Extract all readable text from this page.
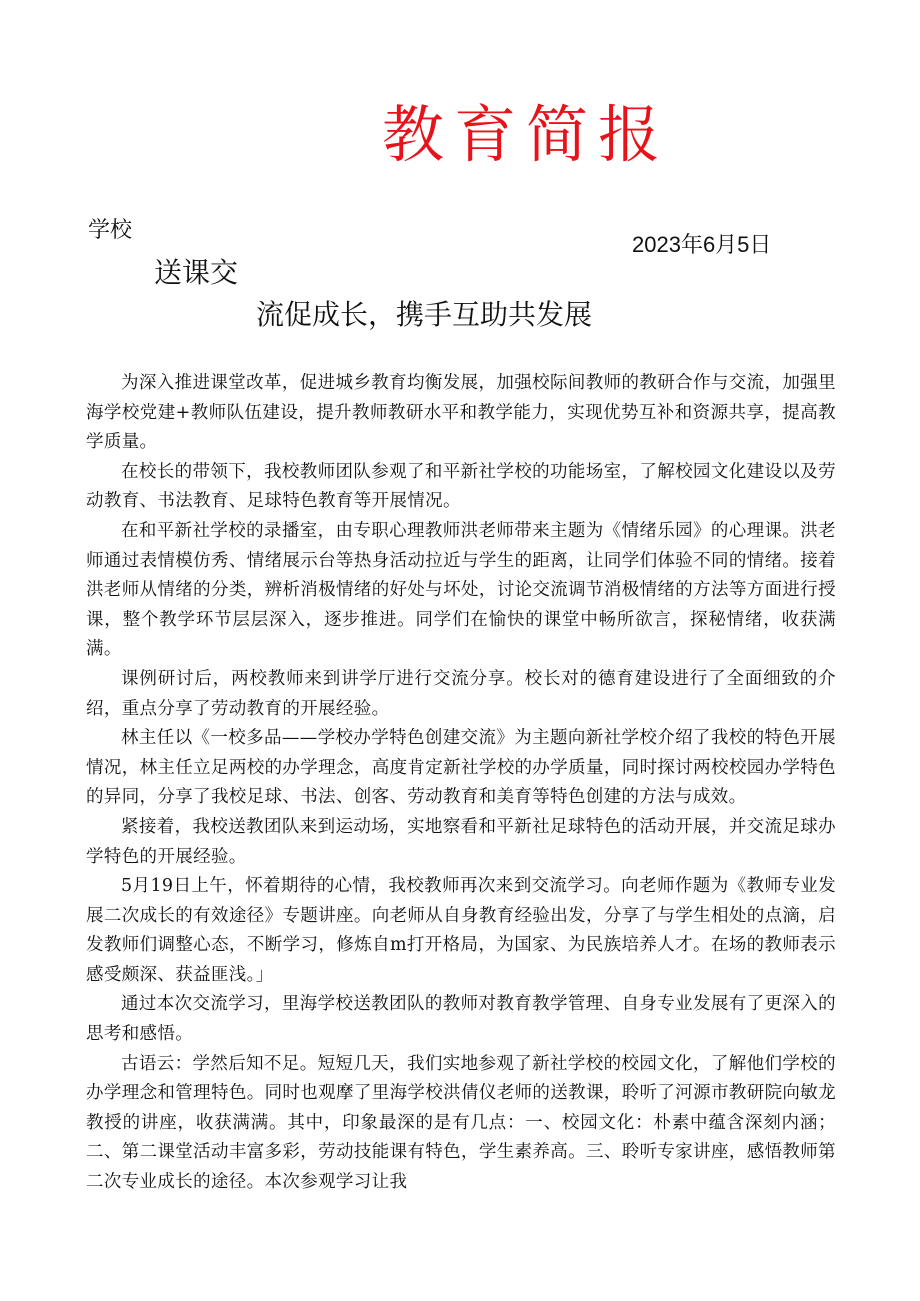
教育简报
学校
2023年6月5日
送课交
流促成长，携手互助共发展

为深入推进课堂改革，促进城乡教育均衡发展，加强校际间教师的教研合作与交流，加强里海学校党建+教师队伍建设，提升教师教研水平和教学能力，实现优势互补和资源共享，提高教学质量。

在校长的带领下，我校教师团队参观了和平新社学校的功能场室，了解校园文化建设以及劳动教育、书法教育、足球特色教育等开展情况。

在和平新社学校的录播室，由专职心理教师洪老师带来主题为《情绪乐园》的心理课。洪老师通过表情模仿秀、情绪展示台等热身活动拉近与学生的距离，让同学们体验不同的情绪。接着洪老师从情绪的分类，辨析消极情绪的好处与坏处，讨论交流调节消极情绪的方法等方面进行授课，整个教学环节层层深入，逐步推进。同学们在愉快的课堂中畅所欲言，探秘情绪，收获满满。

课例研讨后，两校教师来到讲学厅进行交流分享。校长对的德育建设进行了全面细致的介绍，重点分享了劳动教育的开展经验。

林主任以《一校多品——学校办学特色创建交流》为主题向新社学校介绍了我校的特色开展情况，林主任立足两校的办学理念，高度肯定新社学校的办学质量，同时探讨两校校园办学特色的异同，分享了我校足球、书法、创客、劳动教育和美育等特色创建的方法与成效。

紧接着，我校送教团队来到运动场，实地察看和平新社足球特色的活动开展，并交流足球办学特色的开展经验。

5月19日上午，怀着期待的心情，我校教师再次来到交流学习。向老师作题为《教师专业发展二次成长的有效途径》专题讲座。向老师从自身教育经验出发，分享了与学生相处的点滴，启发教师们调整心态，不断学习，修炼自m打开格局，为国家、为民族培养人才。在场的教师表示感受颇深、获益匪浅。」

通过本次交流学习，里海学校送教团队的教师对教育教学管理、自身专业发展有了更深入的思考和感悟。

古语云：学然后知不足。短短几天，我们实地参观了新社学校的校园文化，了解他们学校的办学理念和管理特色。同时也观摩了里海学校洪倩仪老师的送教课，聆听了河源市教研院向敏龙教授的讲座，收获满满。其中，印象最深的是有几点：一、校园文化：朴素中蕴含深刻内涵；二、第二课堂活动丰富多彩，劳动技能课有特色，学生素养高。三、聆听专家讲座，感悟教师第二次专业成长的途径。本次参观学习让我
